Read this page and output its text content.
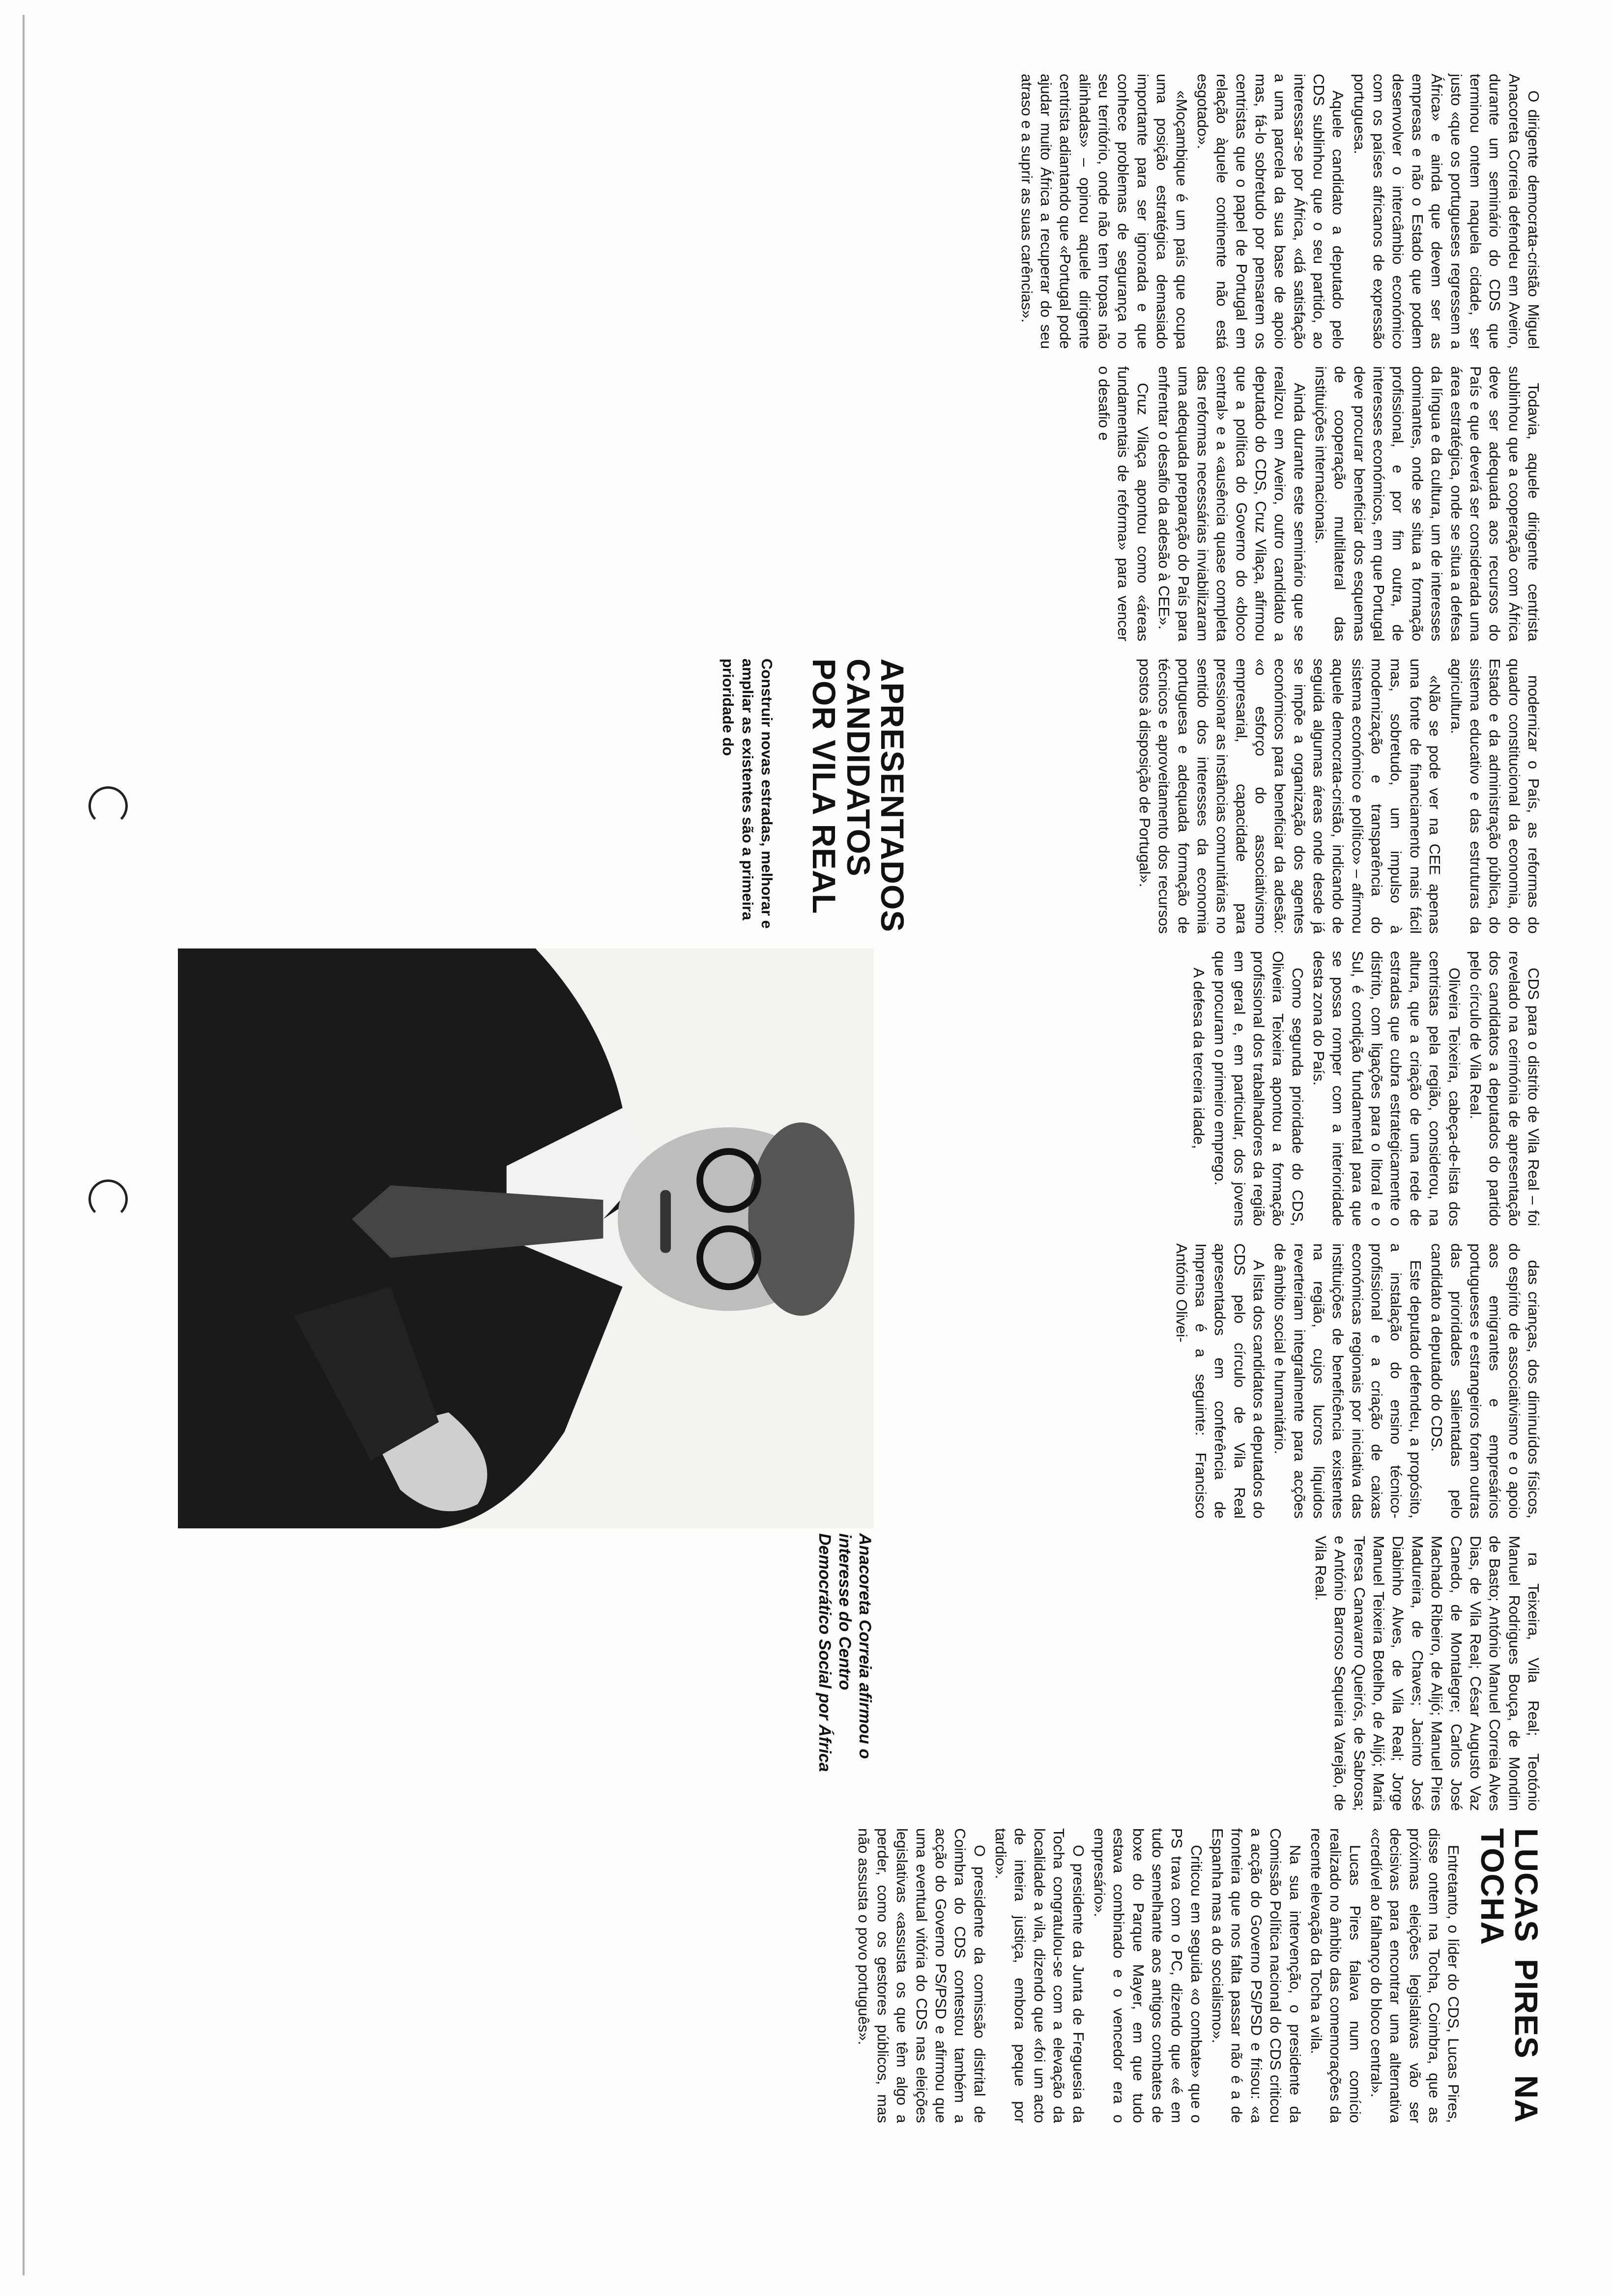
O dirigente democrata-cristão Miguel Anacoreta Correia defendeu em Aveiro, durante um seminário do CDS que terminou ontem naquela cidade, ser justo «que os portugueses regressem a África» e ainda que devem ser as empresas e não o Estado que podem desenvolver o intercâmbio económico com os países africanos de expressão portuguesa.

Aquele candidato a deputado pelo CDS sublinhou que o seu partido, ao interessar-se por África, «dá satisfação a uma parcela da sua base de apoio mas, fá-lo sobretudo por pensarem os centristas que o papel de Portugal em relação àquele continente não está esgotado».

«Moçambique é um país que ocupa uma posição estratégica demasiado importante para ser ignorada e que conhece problemas de segurança no seu território, onde não tem tropas não alinhadas» – opinou aquele dirigente centrista adiantando que «Portugal pode ajudar muito África a recuperar do seu atraso e a suprir as suas carências».

Todavia, aquele dirigente centrista sublinhou que a cooperação com África deve ser adequada aos recursos do País e que deverá ser considerada uma área estratégica, onde se situa a defesa da língua e da cultura, um de interesses dominantes, onde se situa a formação profissional, e por fim outra, de interesses económicos, em que Portugal deve procurar beneficiar dos esquemas de cooperação multilateral das instituições internacionais.

Ainda durante este seminário que se realizou em Aveiro, outro candidato a deputado do CDS, Cruz Vilaça, afirmou que a política do Governo do «bloco central» e a «ausência quase completa das reformas necessárias inviabilizaram uma adequada preparação do País para enfrentar o desafio da adesão à CEE».

Cruz Vilaça apontou como «áreas fundamentais de reforma» para vencer o desafio e

modernizar o País, as reformas do quadro constitucional da economia, do Estado e da administração pública, do sistema educativo e das estruturas da agricultura.

«Não se pode ver na CEE apenas uma fonte de financiamento mais fácil mas, sobretudo, um impulso à modernização e transparência do sistema económico e político» – afirmou aquele democrata-cristão, indicando de seguida algumas áreas onde desde já se impõe a organização dos agentes económicos para beneficiar da adesão: «o esforço do associativismo empresarial, capacidade para pressionar as instâncias comunitárias no sentido dos interesses da economia portuguesa e adequada formação de técnicos e aproveitamento dos recursos postos à disposição de Portugal».

APRESENTADOS CANDIDATOS POR VILA REAL
Construir novas estradas, melhorar e ampliar as existentes são a primeira prioridade do

CDS para o distrito de Vila Real – foi revelado na cerimónia de apresentação dos candidatos a deputados do partido pelo círculo de Vila Real.

Oliveira Teixeira, cabeça-de-lista dos centristas pela região, considerou, na altura, que a criação de uma rede de estradas que cubra estrategicamente o distrito, com ligações para o litoral e o Sul, é condição fundamental para que se possa romper com a interioridade desta zona do País.

Como segunda prioridade do CDS, Oliveira Teixeira apontou a formação profissional dos trabalhadores da região em geral e, em particular, dos jovens que procuram o primeiro emprego.

A defesa da terceira idade,

das crianças, dos diminuídos físicos, do espírito de associativismo e o apoio aos emigrantes e empresários portugueses e estrangeiros foram outras das prioridades salientadas pelo candidato a deputado do CDS.

Este deputado defendeu, a propósito, a instalação do ensino técnico-profissional e a criação de caixas económicas regionais por iniciativa das instituições de beneficência existentes na região, cujos lucros líquidos reverteriam integralmente para acções de âmbito social e humanitário.

A lista dos candidatos a deputados do CDS pelo círculo de Vila Real apresentados em conferência de Imprensa é a seguinte: Francisco António Olivei-

ra Teixeira, Vila Real; Teotónio Manuel Rodrigues Bouça, de Mondim de Basto; António Manuel Correia Alves Dias, de Vila Real; César Augusto Vaz Canedo, de Montalegre; Carlos José Machado Ribeiro, de Alijó; Manuel Pires Madureira, de Chaves; Jacinto José Diabinho Alves, de Vila Real; Jorge Manuel Teixeira Botelho, de Alijó; Maria Teresa Canavarro Queirós, de Sabrosa; e António Barroso Sequeira Varejão, de Vila Real.

Anacoreta Correia afirmou o interesse do Centro Democrático Social por África
LUCAS PIRES NA TOCHA

Entretanto, o líder do CDS, Lucas Pires, disse ontem na Tocha, Coimbra, que as próximas eleições legislativas vão ser decisivas para encontrar uma alternativa «credível ao falhanço do bloco central».

Lucas Pires falava num comício realizado no âmbito das comemorações da recente elevação da Tocha a vila.

Na sua intervenção, o presidente da Comissão Política nacional do CDS criticou a acção do Governo PS/PSD e frisou: «a fronteira que nos falta passar não é a de Espanha mas a do socialismo».

Criticou em seguida «o combate» que o PS trava com o PC, dizendo que «é em tudo semelhante aos antigos combates de boxe do Parque Mayer, em que tudo estava combinado e o vencedor era o empresário».

O presidente da Junta de Freguesia da Tocha congratulou-se com a elevação da localidade a vila, dizendo que «foi um acto de inteira justiça, embora peque por tardio».

O presidente da comissão distrital de Coimbra do CDS contestou também a acção do Governo PS/PSD e afirmou que uma eventual vitória do CDS nas eleições legislativas «assusta os que têm algo a perder, como os gestores públicos, mas não assusta o povo português».
